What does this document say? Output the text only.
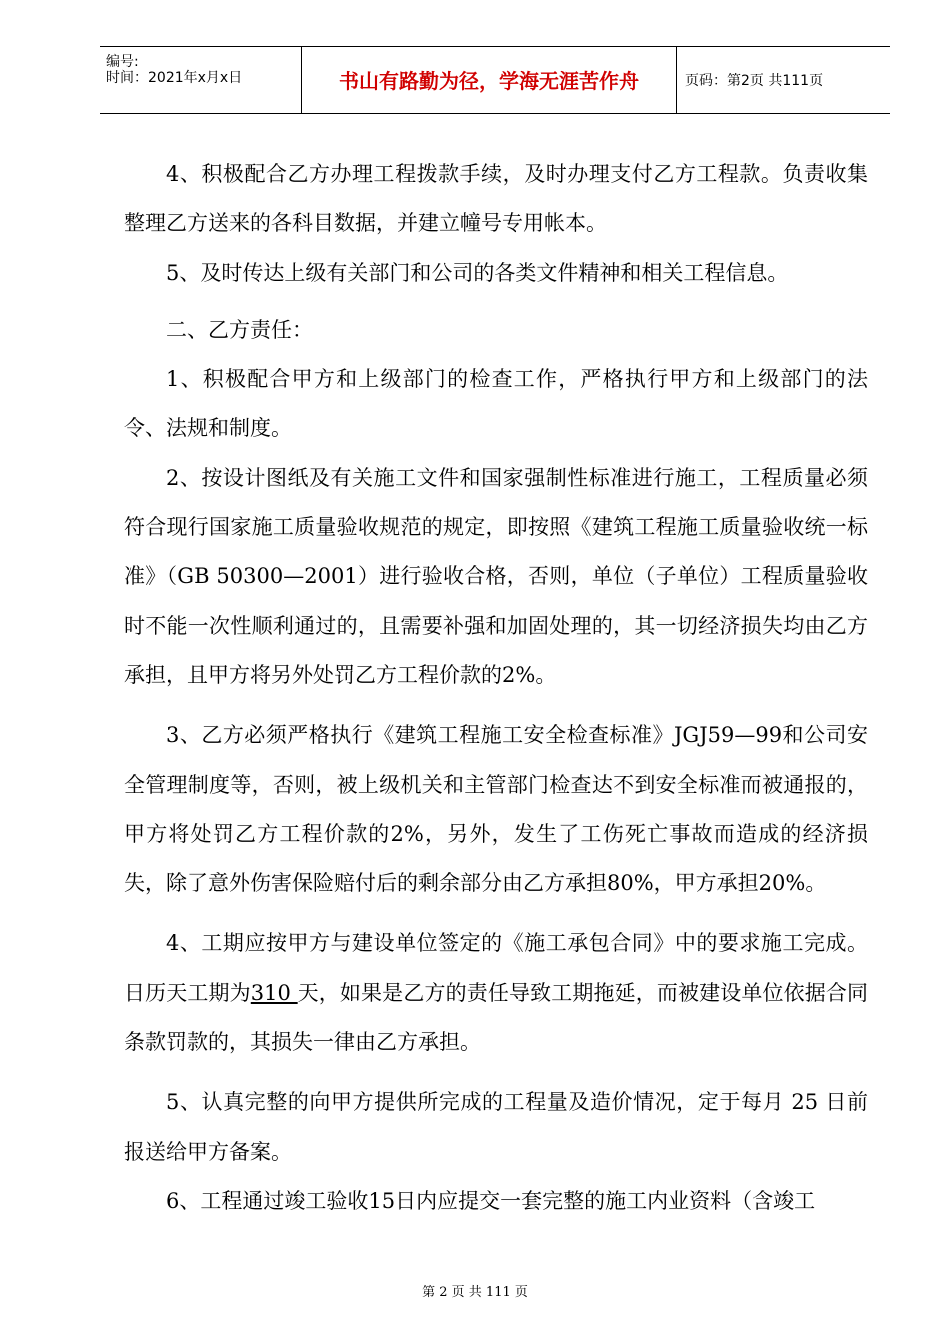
编号:
时间：2021年x月x日	书山有路勤为径，学海无涯苦作舟	页码：第2页 共111页

4、积极配合乙方办理工程拨款手续，及时办理支付乙方工程款。负责收集整理乙方送来的各科目数据，并建立幢号专用帐本。

5、及时传达上级有关部门和公司的各类文件精神和相关工程信息。

二、乙方责任：

1、积极配合甲方和上级部门的检查工作，严格执行甲方和上级部门的法令、法规和制度。

2、按设计图纸及有关施工文件和国家强制性标准进行施工，工程质量必须符合现行国家施工质量验收规范的规定，即按照《建筑工程施工质量验收统一标准》（GB 50300—2001）进行验收合格，否则，单位（子单位）工程质量验收时不能一次性顺利通过的，且需要补强和加固处理的，其一切经济损失均由乙方承担，且甲方将另外处罚乙方工程价款的2%。

3、乙方必须严格执行《建筑工程施工安全检查标准》JGJ59—99和公司安全管理制度等，否则，被上级机关和主管部门检查达不到安全标准而被通报的，甲方将处罚乙方工程价款的2%，另外，发生了工伤死亡事故而造成的经济损失，除了意外伤害保险赔付后的剩余部分由乙方承担80%，甲方承担20%。

4、工期应按甲方与建设单位签定的《施工承包合同》中的要求施工完成。日历天工期为310 天，如果是乙方的责任导致工期拖延，而被建设单位依据合同条款罚款的，其损失一律由乙方承担。

5、认真完整的向甲方提供所完成的工程量及造价情况，定于每月 25 日前报送给甲方备案。

6、工程通过竣工验收15日内应提交一套完整的施工内业资料（含竣工

第 2 页 共 111 页
